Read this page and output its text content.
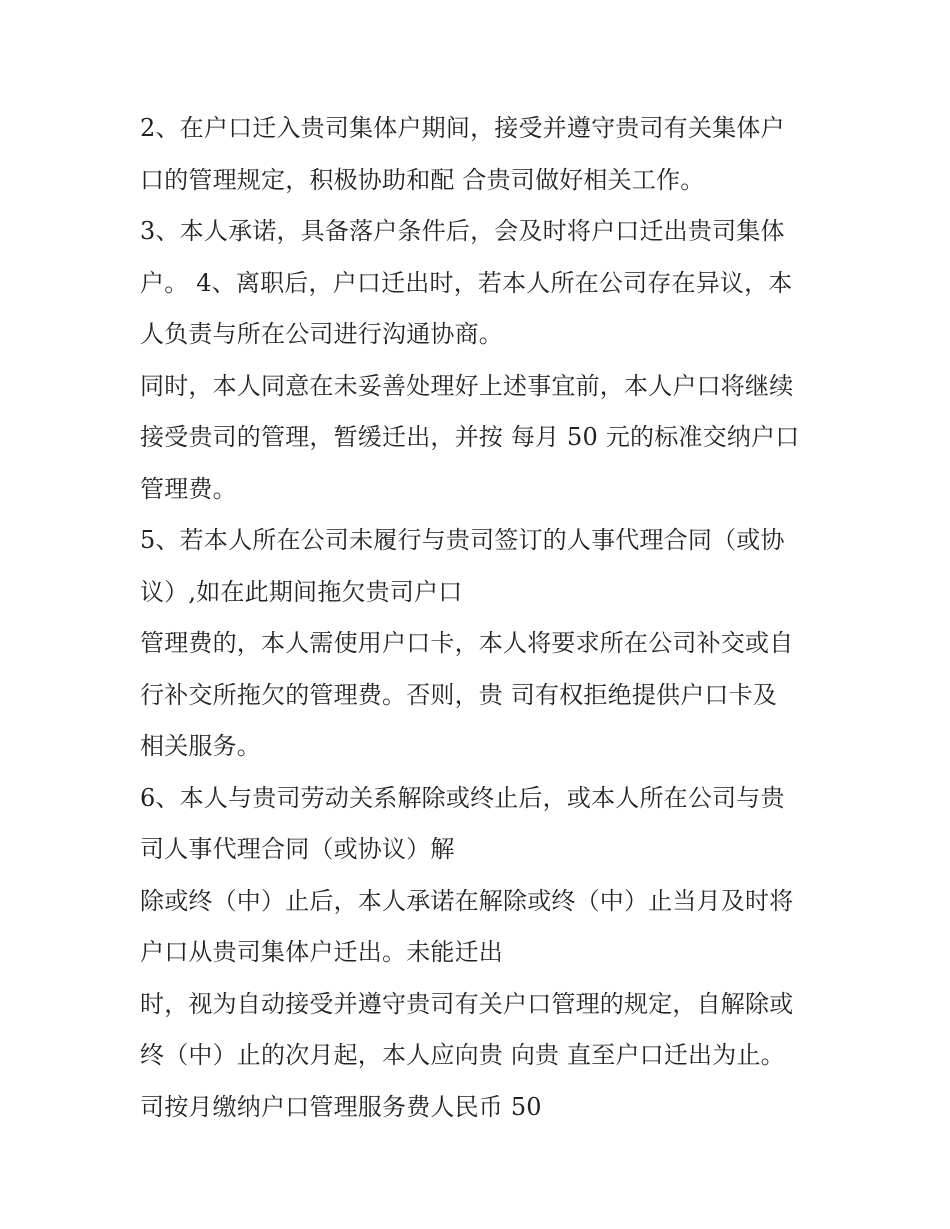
2、在户口迁入贵司集体户期间，接受并遵守贵司有关集体户
口的管理规定，积极协助和配 合贵司做好相关工作。
3、本人承诺，具备落户条件后，会及时将户口迁出贵司集体
户。 4、离职后，户口迁出时，若本人所在公司存在异议，本
人负责与所在公司进行沟通协商。
同时，本人同意在未妥善处理好上述事宜前，本人户口将继续
接受贵司的管理，暂缓迁出，并按 每月 50 元的标准交纳户口
管理费。
5、若本人所在公司未履行与贵司签订的人事代理合同（或协
议）,如在此期间拖欠贵司户口
管理费的，本人需使用户口卡，本人将要求所在公司补交或自
行补交所拖欠的管理费。否则，贵 司有权拒绝提供户口卡及
相关服务。
6、本人与贵司劳动关系解除或终止后，或本人所在公司与贵
司人事代理合同（或协议）解
除或终（中）止后，本人承诺在解除或终（中）止当月及时将
户口从贵司集体户迁出。未能迁出
时，视为自动接受并遵守贵司有关户口管理的规定，自解除或
终（中）止的次月起，本人应向贵 向贵 直至户口迁出为止。
司按月缴纳户口管理服务费人民币 50
